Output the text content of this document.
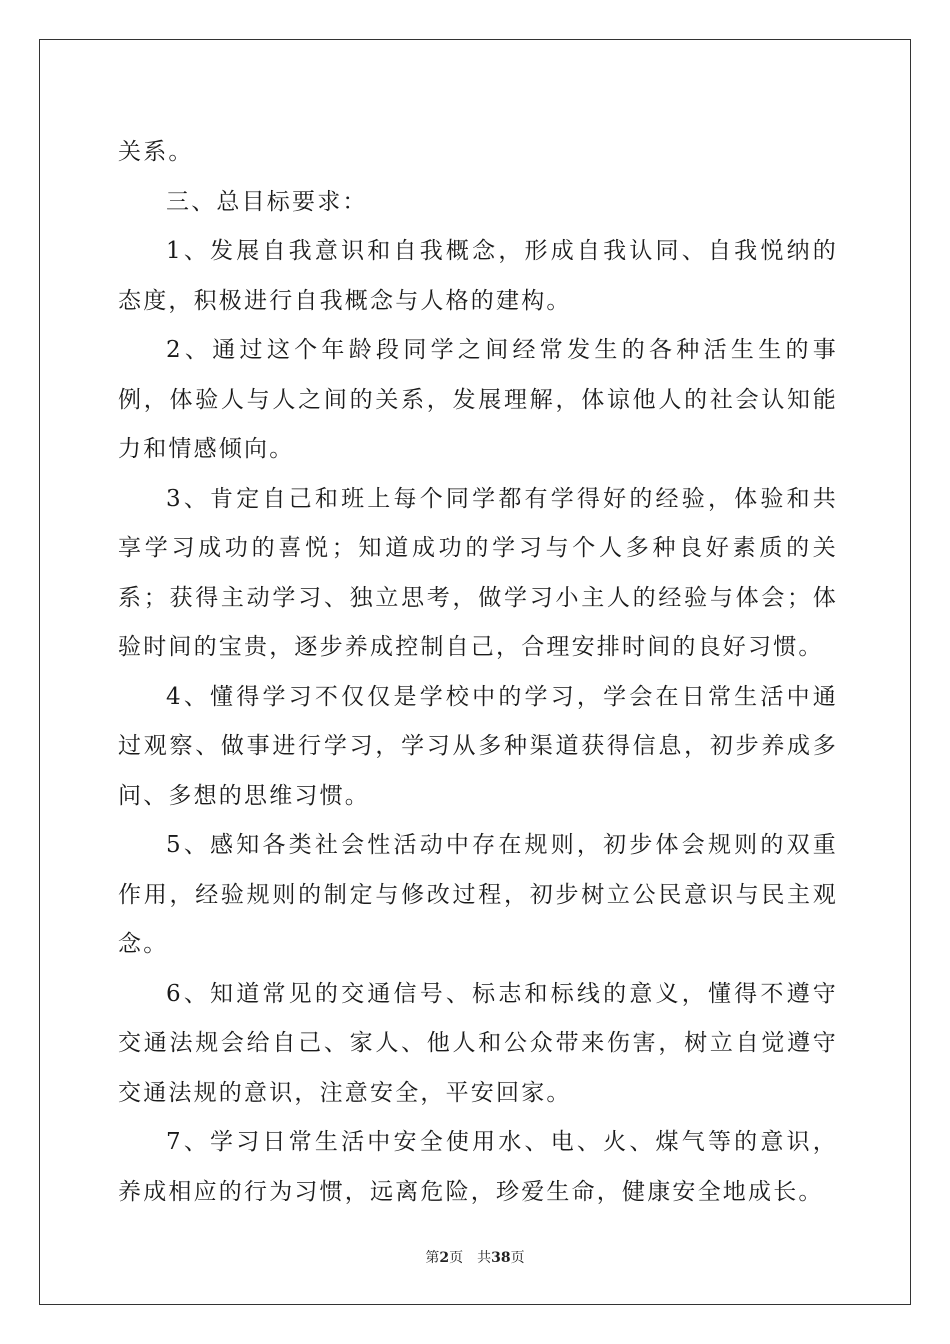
关系。

三、总目标要求：

1、发展自我意识和自我概念，形成自我认同、自我悦纳的态度，积极进行自我概念与人格的建构。

2、通过这个年龄段同学之间经常发生的各种活生生的事例，体验人与人之间的关系，发展理解，体谅他人的社会认知能力和情感倾向。

3、肯定自己和班上每个同学都有学得好的经验，体验和共享学习成功的喜悦；知道成功的学习与个人多种良好素质的关系；获得主动学习、独立思考，做学习小主人的经验与体会；体验时间的宝贵，逐步养成控制自己，合理安排时间的良好习惯。

4、懂得学习不仅仅是学校中的学习，学会在日常生活中通过观察、做事进行学习，学习从多种渠道获得信息，初步养成多问、多想的思维习惯。

5、感知各类社会性活动中存在规则，初步体会规则的双重作用，经验规则的制定与修改过程，初步树立公民意识与民主观念。

6、知道常见的交通信号、标志和标线的意义，懂得不遵守交通法规会给自己、家人、他人和公众带来伤害，树立自觉遵守交通法规的意识，注意安全，平安回家。

7、学习日常生活中安全使用水、电、火、煤气等的意识，养成相应的行为习惯，远离危险，珍爱生命，健康安全地成长。

第2页 共38页
